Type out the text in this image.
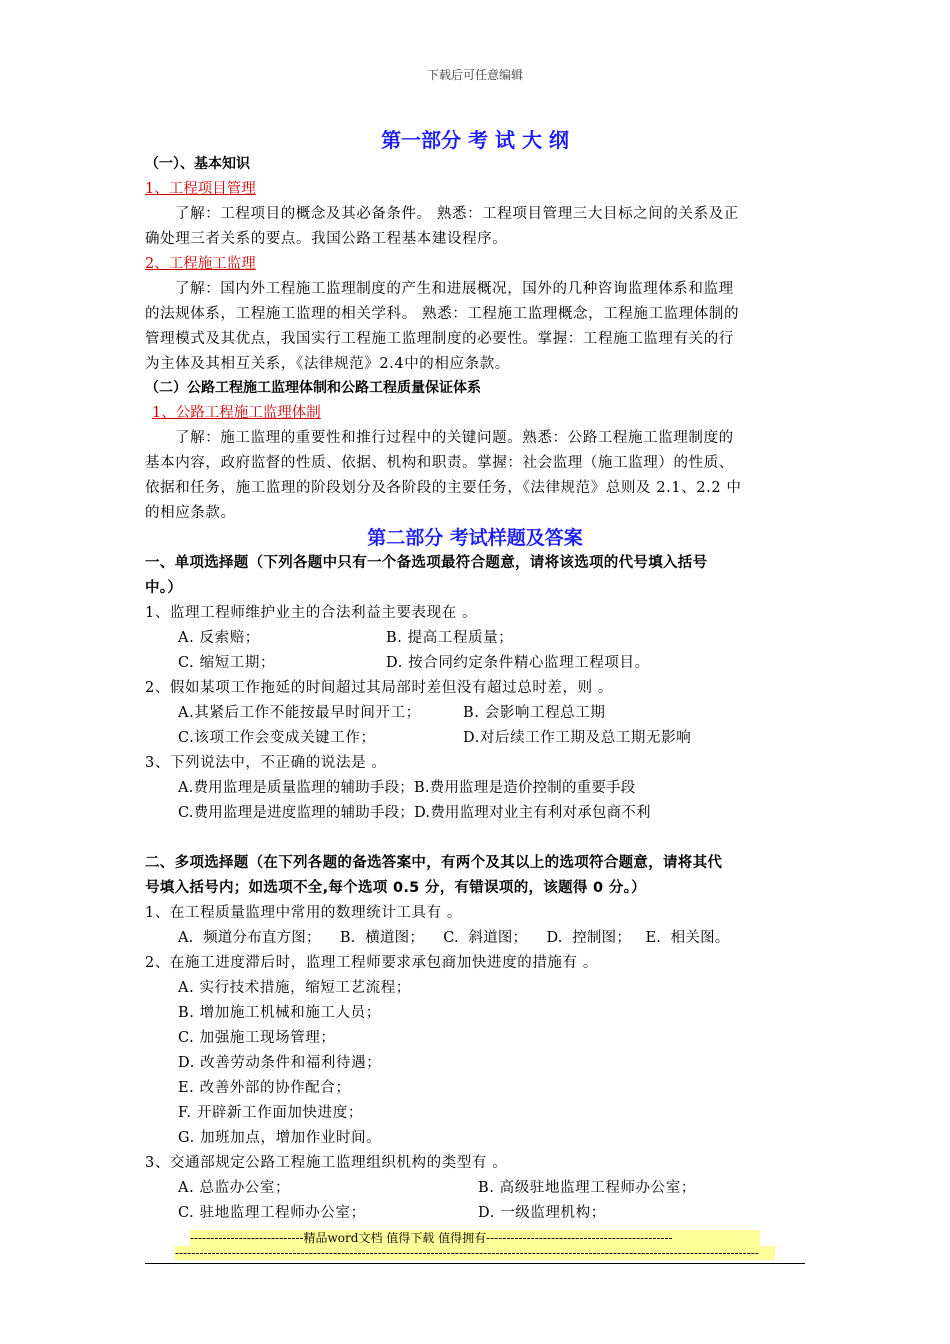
下载后可任意编辑
第一部分 考 试 大 纲
（一）、基本知识
1、工程项目管理
了解：工程项目的概念及其必备条件。 熟悉：工程项目管理三大目标之间的关系及正
确处理三者关系的要点。我国公路工程基本建设程序。
2、工程施工监理
了解：国内外工程施工监理制度的产生和进展概况，国外的几种咨询监理体系和监理
的法规体系，工程施工监理的相关学科。 熟悉：工程施工监理概念，工程施工监理体制的
管理模式及其优点，我国实行工程施工监理制度的必要性。掌握：工程施工监理有关的行
为主体及其相互关系，《法律规范》2.4中的相应条款。
（二）公路工程施工监理体制和公路工程质量保证体系
1、公路工程施工监理体制
了解：施工监理的重要性和推行过程中的关键问题。熟悉：公路工程施工监理制度的
基本内容，政府监督的性质、依据、机构和职责。掌握：社会监理（施工监理）的性质、
依据和任务，施工监理的阶段划分及各阶段的主要任务，《法律规范》总则及 2.1、2.2 中
的相应条款。
第二部分 考试样题及答案
一、单项选择题（下列各题中只有一个备选项最符合题意，请将该选项的代号填入括号
中。）
1、监理工程师维护业主的合法利益主要表现在 。
A. 反索赔；	B. 提高工程质量；
C. 缩短工期；	D. 按合同约定条件精心监理工程项目。
2、假如某项工作拖延的时间超过其局部时差但没有超过总时差，则 。
A.其紧后工作不能按最早时间开工；	B. 会影响工程总工期
C.该项工作会变成关键工作；	D.对后续工作工期及总工期无影响
3、下列说法中，不正确的说法是 。
A.费用监理是质量监理的辅助手段；B.费用监理是造价控制的重要手段
C.费用监理是进度监理的辅助手段；D.费用监理对业主有利对承包商不利
二、多项选择题（在下列各题的备选答案中，有两个及其以上的选项符合题意，请将其代
号填入括号内；如选项不全,每个选项 0.5 分，有错误项的，该题得 0 分。）
1、在工程质量监理中常用的数理统计工具有 。
A.  频道分布直方图；    B.  横道图；    C.  斜道图；    D.  控制图；   E.  相关图。
2、在施工进度滞后时，监理工程师要求承包商加快进度的措施有 。
A. 实行技术措施，缩短工艺流程；
B. 增加施工机械和施工人员；
C. 加强施工现场管理；
D. 改善劳动条件和福利待遇；
E. 改善外部的协作配合；
F. 开辟新工作面加快进度；
G. 加班加点，增加作业时间。
3、交通部规定公路工程施工监理组织机构的类型有 。
A. 总监办公室；	B. 高级驻地监理工程师办公室；
C. 驻地监理工程师办公室；	D. 一级监理机构；
----------------------------精品word文档 值得下载 值得拥有----------------------------------------------
------------------------------------------------------------------------------------------------------------------------------------------------
